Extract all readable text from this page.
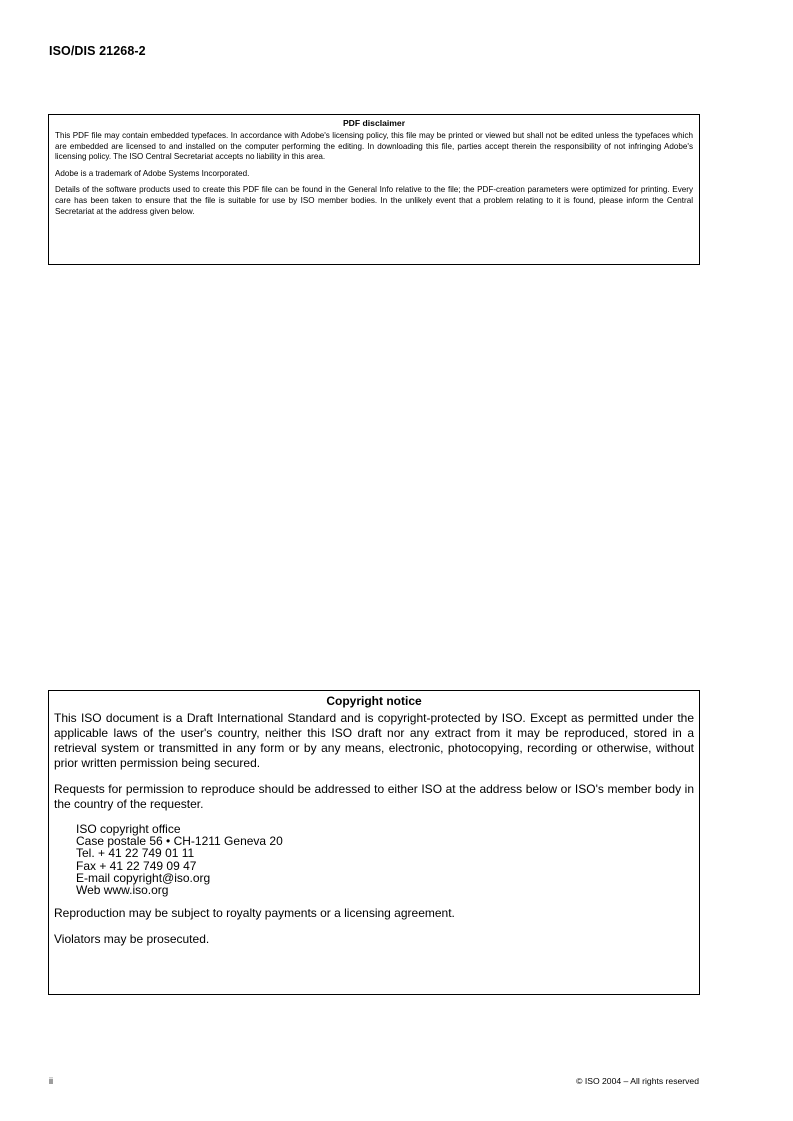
ISO/DIS 21268-2
PDF disclaimer

This PDF file may contain embedded typefaces. In accordance with Adobe's licensing policy, this file may be printed or viewed but shall not be edited unless the typefaces which are embedded are licensed to and installed on the computer performing the editing. In downloading this file, parties accept therein the responsibility of not infringing Adobe's licensing policy. The ISO Central Secretariat accepts no liability in this area.

Adobe is a trademark of Adobe Systems Incorporated.

Details of the software products used to create this PDF file can be found in the General Info relative to the file; the PDF-creation parameters were optimized for printing. Every care has been taken to ensure that the file is suitable for use by ISO member bodies. In the unlikely event that a problem relating to it is found, please inform the Central Secretariat at the address given below.

Copyright notice

This ISO document is a Draft International Standard and is copyright-protected by ISO. Except as permitted under the applicable laws of the user's country, neither this ISO draft nor any extract from it may be reproduced, stored in a retrieval system or transmitted in any form or by any means, electronic, photocopying, recording or otherwise, without prior written permission being secured.

Requests for permission to reproduce should be addressed to either ISO at the address below or ISO's member body in the country of the requester.

ISO copyright office
Case postale 56 • CH-1211 Geneva 20
Tel. + 41 22 749 01 11
Fax + 41 22 749 09 47
E-mail copyright@iso.org
Web www.iso.org

Reproduction may be subject to royalty payments or a licensing agreement.

Violators may be prosecuted.

ii	© ISO 2004 – All rights reserved
